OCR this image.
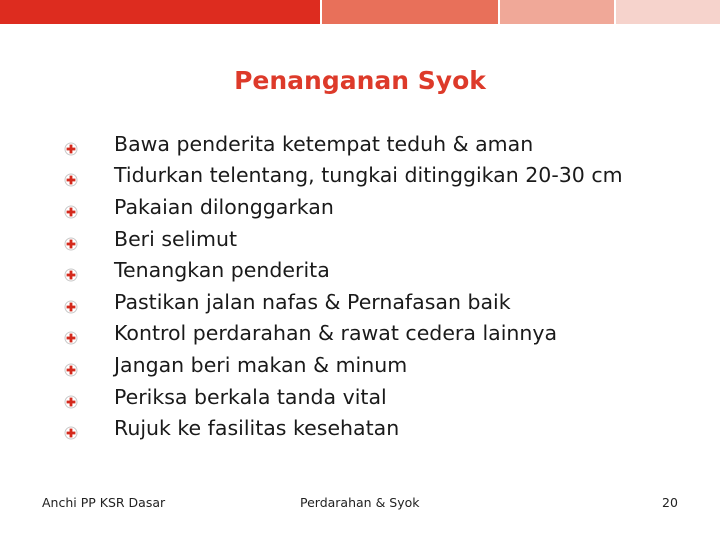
Penanganan Syok
Bawa penderita ketempat teduh & aman
Tidurkan telentang, tungkai ditinggikan 20-30 cm
Pakaian dilonggarkan
Beri selimut
Tenangkan penderita
Pastikan jalan nafas & Pernafasan baik
Kontrol perdarahan & rawat cedera lainnya
Jangan beri makan & minum
Periksa berkala tanda vital
Rujuk ke fasilitas kesehatan
Anchi PP KSR Dasar	Perdarahan & Syok	20
